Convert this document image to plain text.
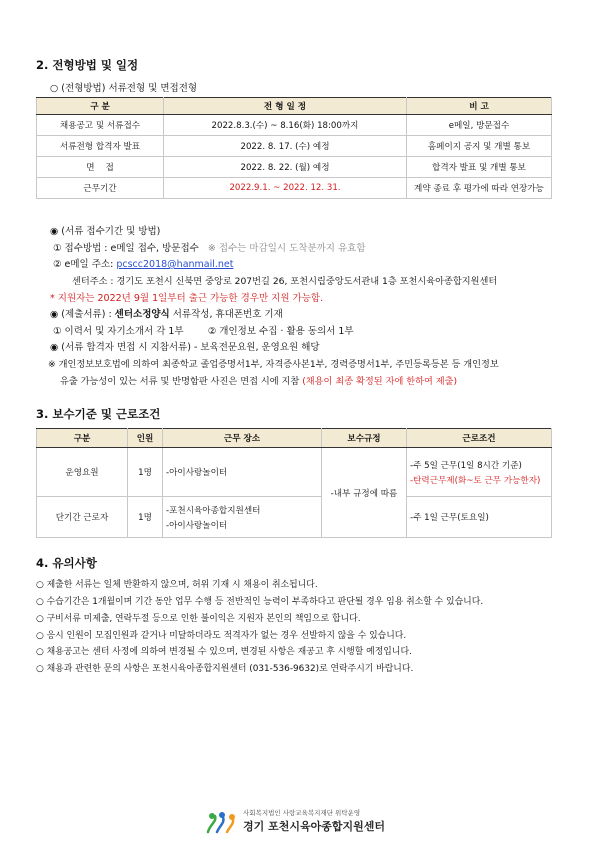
2. 전형방법 및 일정
○ (전형방법) 서류전형 및 면접전형
구 분	전 형 일 정	비 고
채용공고 및 서류접수	2022.8.3.(수) ~ 8.16(화) 18:00까지	e메일, 방문접수
서류전형 합격자 발표	2022. 8. 17. (수) 예정	홈페이지 공지 및 개별 통보
면    접	2022. 8. 22. (월) 예정	합격자 발표 및 개별 통보
근무기간	2022.9.1. ~ 2022. 12. 31.	계약 종료 후 평가에 따라 연장가능
◉ (서류 접수기간 및 방법)
① 접수방법 : e메일 접수, 방문접수 ※ 접수는 마감일시 도착분까지 유효함
② e메일 주소: pcscc2018@hanmail.net
센터주소 : 경기도 포천시 신북면 중앙로 207번길 26, 포천시립중앙도서관내 1층 포천시육아종합지원센터
* 지원자는 2022년 9월 1일부터 출근 가능한 경우만 지원 가능함.
◉ (제출서류) : 센터소정양식 서류작성, 휴대폰번호 기재
① 이력서 및 자기소개서 각 1부        ② 개인정보 수집 · 활용 동의서 1부
◉ (서류 합격자 면접 시 지참서류) - 보육전문요원, 운영요원 해당
※ 개인정보보호법에 의하여 최종학교 졸업증명서1부, 자격증사본1부, 경력증명서1부, 주민등록등본 등 개인정보
유출 가능성이 있는 서류 및 반명함판 사진은 면접 시에 지참 (채용이 최종 확정된 자에 한하여 제출)
3. 보수기준 및 근로조건
구분	인원	근무 장소	보수규정	근로조건
운영요원	1명	-아이사랑놀이터	-내부 규정에 따름	-주 5일 근무(1일 8시간 기준)
-탄력근무제(화~토 근무 가능한자)

단기간 근로자	1명	-포천시육아종합지원센터
-아이사랑놀이터		-주 1일 근무(토요일)
4. 유의사항
○ 제출한 서류는 일체 반환하지 않으며, 허위 기재 시 채용이 취소됩니다.
○ 수습기간은 1개월이며 기간 동안 업무 수행 등 전반적인 능력이 부족하다고 판단될 경우 임용 취소할 수 있습니다.
○ 구비서류 미제출, 연락두절 등으로 인한 불이익은 지원자 본인의 책임으로 합니다.
○ 응시 인원이 모집인원과 같거나 미달하더라도 적격자가 없는 경우 선발하지 않을 수 있습니다.
○ 채용공고는 센터 사정에 의하여 변경될 수 있으며, 변경된 사항은 재공고 후 시행할 예정입니다.
○ 채용과 관련한 문의 사항은 포천시육아종합지원센터 (031-536-9632)로 연락주시기 바랍니다.
사회복지법인 사랑교육복지재단 위탁운영
경기 포천시육아종합지원센터
